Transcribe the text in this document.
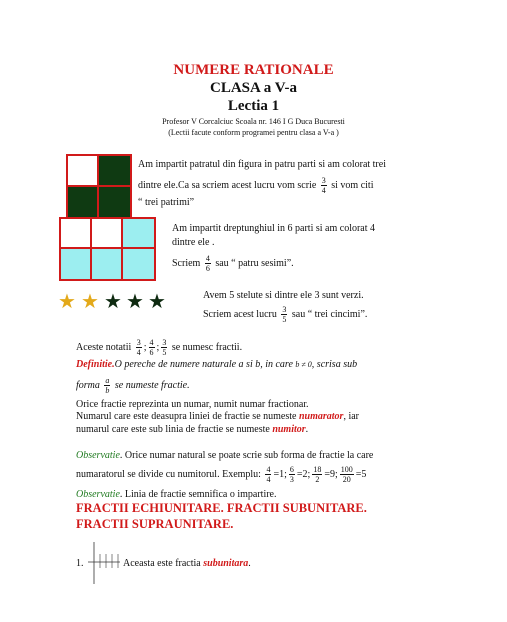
NUMERE RATIONALE
CLASA a V-a
Lectia 1
Profesor V Corcalciuc Scoala nr. 146 I G Duca Bucuresti
(Lectii facute conform programei pentru clasa a V-a )
Am impartit patratul din figura in patru parti si am colorat trei
dintre ele.Ca sa scriem acest lucru vom scrie $\frac{3}{4}$ si vom citi
“ trei patrimi”
Am impartit dreptunghiul in 6 parti si am colorat 4
dintre ele .
Scriem $\frac{4}{6}$ sau “ patru sesimi”.
★ ★ ★ ★ ★	Avem 5 stelute si dintre ele 3 sunt verzi.
Scriem acest lucru $\frac{3}{5}$ sau “ trei cincimi”.
Aceste notatii $\frac{3}{4}$ ; $\frac{4}{6}$ ; $\frac{3}{5}$ se numesc fractii.
Definitie.O pereche de numere naturale a si b, in care b ≠ 0, scrisa sub
forma $\frac{a}{b}$ se numeste fractie.
Orice fractie reprezinta un numar, numit numar fractionar.
Numarul care este deasupra liniei de fractie se numeste numarator, iar
numarul care este sub linia de fractie se numeste numitor.
Observatie. Orice numar natural se poate scrie sub forma de fractie la care
numaratorul se divide cu numitorul. Exemplu: $\frac{4}{4} =1$; $\frac{6}{3} =2$; $\frac{18}{2} =9$; $\frac{100}{20} =5$
Observatie. Linia de fractie semnifica o impartire.
FRACTII ECHIUNITARE. FRACTII SUBUNITARE.
FRACTII SUPRAUNITARE.
1.	Aceasta este fractia subunitara.
